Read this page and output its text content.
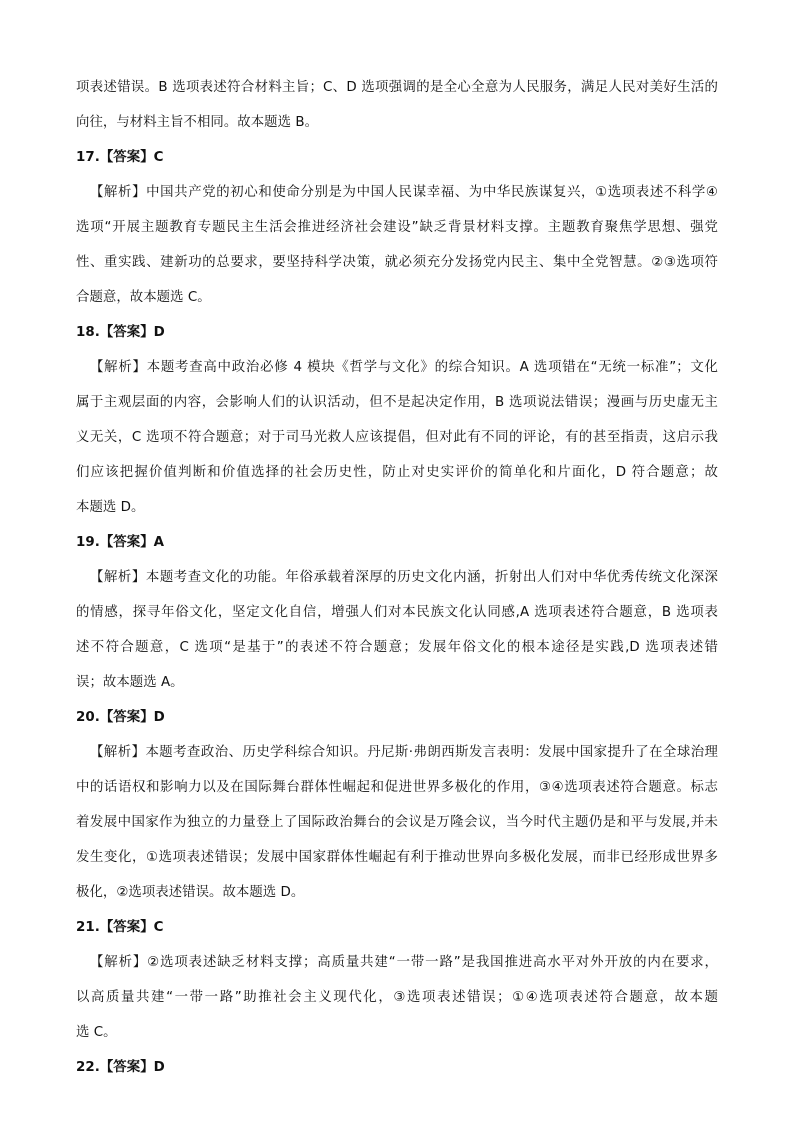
项表述错误。B 选项表述符合材料主旨；C、D 选项强调的是全心全意为人民服务，满足人民对美好生活的
向往，与材料主旨不相同。故本题选 B。
17.【答案】C
【解析】中国共产党的初心和使命分别是为中国人民谋幸福、为中华民族谋复兴，①选项表述不科学④
选项“开展主题教育专题民主生活会推进经济社会建设”缺乏背景材料支撑。主题教育聚焦学思想、强党
性、重实践、建新功的总要求，要坚持科学决策，就必须充分发扬党内民主、集中全党智慧。②③选项符
合题意，故本题选 C。
18.【答案】D
【解析】本题考查高中政治必修 4 模块《哲学与文化》的综合知识。A 选项错在“无统一标准”；文化
属于主观层面的内容，会影响人们的认识活动，但不是起决定作用，B 选项说法错误；漫画与历史虚无主
义无关，C 选项不符合题意；对于司马光救人应该提倡，但对此有不同的评论，有的甚至指责，这启示我
们应该把握价值判断和价值选择的社会历史性，防止对史实评价的简单化和片面化，D 符合题意；故
本题选 D。
19.【答案】A
【解析】本题考查文化的功能。年俗承载着深厚的历史文化内涵，折射出人们对中华优秀传统文化深深
的情感，探寻年俗文化，坚定文化自信，增强人们对本民族文化认同感,A 选项表述符合题意，B 选项表
述不符合题意，C 选项“是基于”的表述不符合题意；发展年俗文化的根本途径是实践,D 选项表述错
误；故本题选 A。
20.【答案】D
【解析】本题考查政治、历史学科综合知识。丹尼斯·弗朗西斯发言表明：发展中国家提升了在全球治理
中的话语权和影响力以及在国际舞台群体性崛起和促进世界多极化的作用，③④选项表述符合题意。标志
着发展中国家作为独立的力量登上了国际政治舞台的会议是万隆会议，当今时代主题仍是和平与发展,并未
发生变化，①选项表述错误；发展中国家群体性崛起有利于推动世界向多极化发展，而非已经形成世界多
极化，②选项表述错误。故本题选 D。
21.【答案】C
【解析】②选项表述缺乏材料支撑；高质量共建“一带一路”是我国推进高水平对外开放的内在要求，
以高质量共建“一带一路”助推社会主义现代化，③选项表述错误；①④选项表述符合题意，故本题
选 C。
22.【答案】D
